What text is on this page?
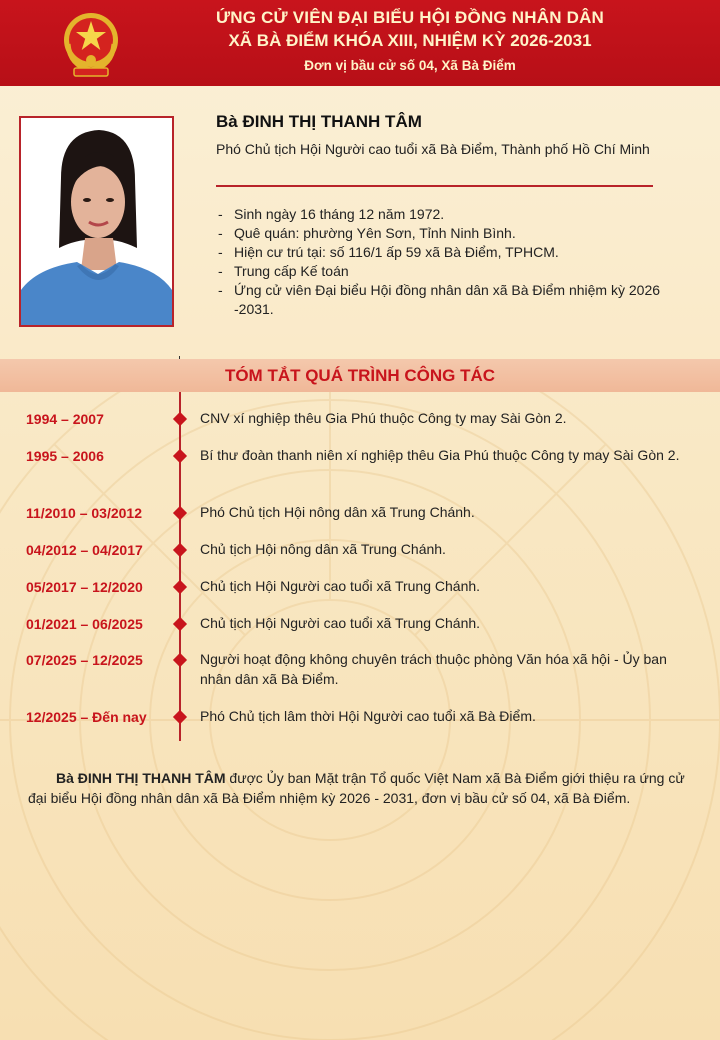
ỨNG CỬ VIÊN ĐẠI BIỂU HỘI ĐỒNG NHÂN DÂN
XÃ BÀ ĐIỂM KHÓA XIII, NHIỆM KỲ 2026-2031
Đơn vị bầu cử số 04, Xã Bà Điểm
Bà ĐINH THỊ THANH TÂM
Phó Chủ tịch Hội Người cao tuổi xã Bà Điểm, Thành phố Hồ Chí Minh
- Sinh ngày 16 tháng 12 năm 1972.
- Quê quán: phường Yên Sơn, Tỉnh Ninh Bình.
- Hiện cư trú tại: số 116/1 ấp 59 xã Bà Điểm, TPHCM.
- Trung cấp Kế toán
- Ứng cử viên Đại biểu Hội đồng nhân dân xã Bà Điểm nhiệm kỳ 2026 -2031.
TÓM TẮT QUÁ TRÌNH CÔNG TÁC
1994 – 2007	CNV xí nghiệp thêu Gia Phú thuộc Công ty may Sài Gòn 2.
1995 – 2006	Bí thư đoàn thanh niên xí nghiệp thêu Gia Phú thuộc Công ty may Sài Gòn 2.
11/2010 – 03/2012	Phó Chủ tịch Hội nông dân xã Trung Chánh.
04/2012 – 04/2017	Chủ tịch Hội nông dân xã Trung Chánh.
05/2017 – 12/2020	Chủ tịch Hội Người cao tuổi xã Trung Chánh.
01/2021 – 06/2025	Chủ tịch Hội Người cao tuổi xã Trung Chánh.
07/2025 – 12/2025	Người hoạt động không chuyên trách thuộc phòng Văn hóa xã hội - Ủy ban nhân dân xã Bà Điểm.
12/2025 – Đến nay	Phó Chủ tịch lâm thời Hội Người cao tuổi xã Bà Điểm.

Bà ĐINH THỊ THANH TÂM được Ủy ban Mặt trận Tổ quốc Việt Nam xã Bà Điểm giới thiệu ra ứng cử đại biểu Hội đồng nhân dân xã Bà Điểm nhiệm kỳ 2026 - 2031, đơn vị bầu cử số 04, xã Bà Điểm.
